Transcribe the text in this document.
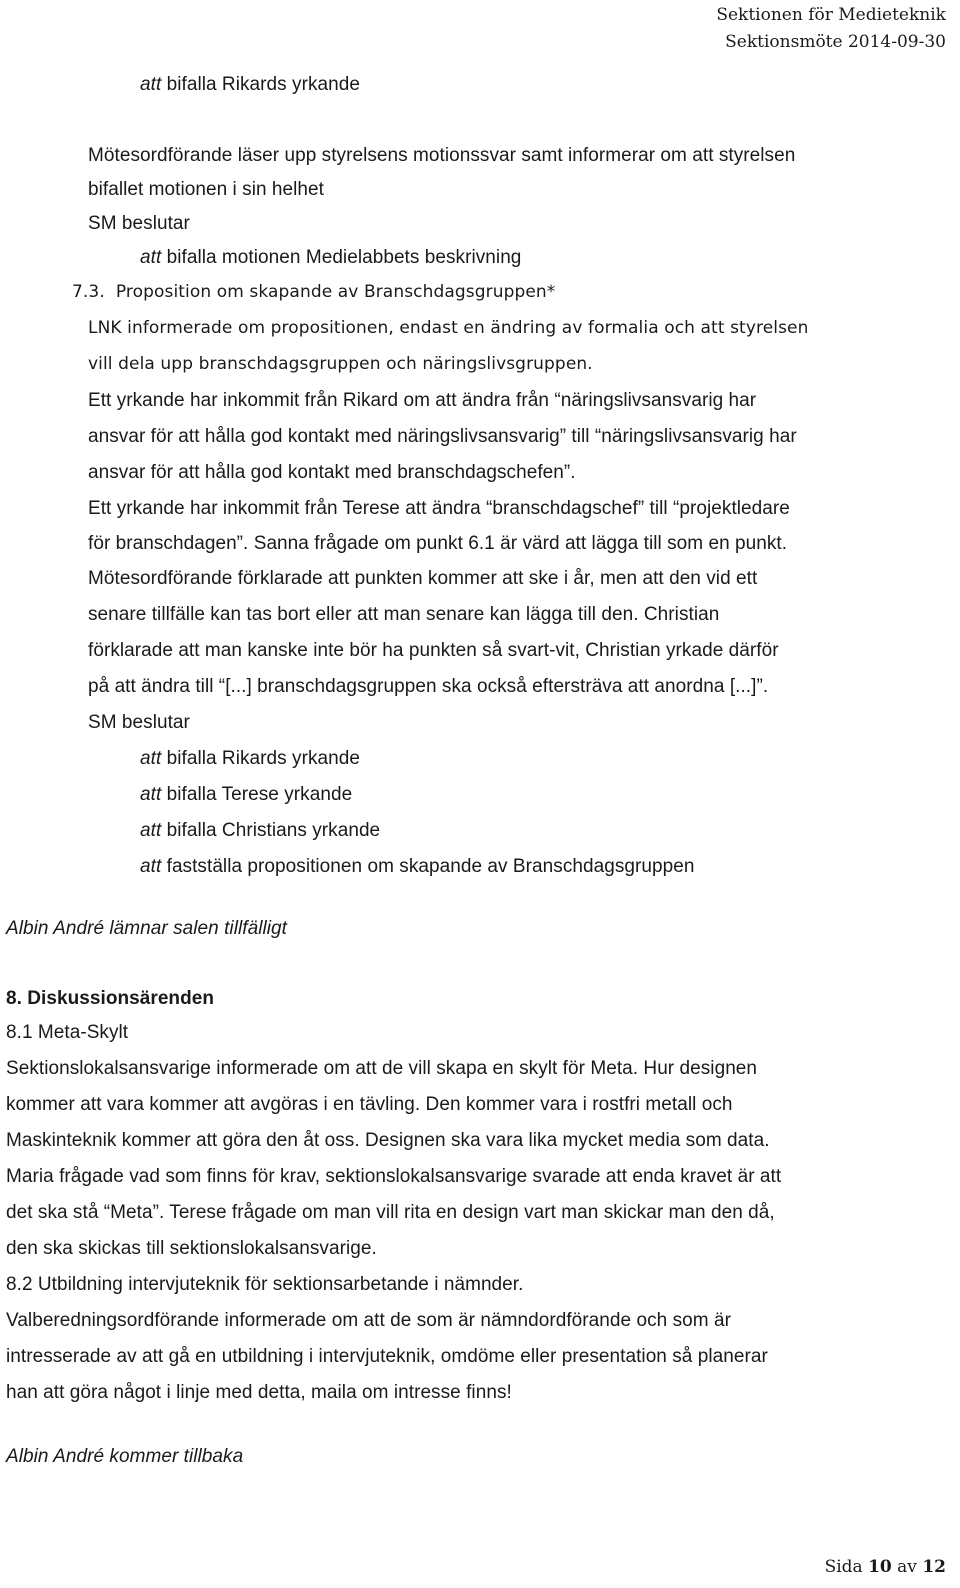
Sektionen för Medieteknik
Sektionsmöte 2014-09-30
att bifalla Rikards yrkande
Mötesordförande läser upp styrelsens motionssvar samt informerar om att styrelsen
bifallet motionen i sin helhet
SM beslutar
att bifalla motionen Medielabbets beskrivning
7.3.  Proposition om skapande av Branschdagsgruppen*
LNK informerade om propositionen, endast en ändring av formalia och att styrelsen
vill dela upp branschdagsgruppen och näringslivsgruppen.
Ett yrkande har inkommit från Rikard om att ändra från “näringslivsansvarig har
ansvar för att hålla god kontakt med näringslivsansvarig” till “näringslivsansvarig har
ansvar för att hålla god kontakt med branschdagschefen”.
Ett yrkande har inkommit från Terese att ändra “branschdagschef” till “projektledare
för branschdagen”. Sanna frågade om punkt 6.1 är värd att lägga till som en punkt.
Mötesordförande förklarade att punkten kommer att ske i år, men att den vid ett
senare tillfälle kan tas bort eller att man senare kan lägga till den. Christian
förklarade att man kanske inte bör ha punkten så svart-vit, Christian yrkade därför
på att ändra till “[...] branschdagsgruppen ska också eftersträva att anordna [...]”.
SM beslutar
att bifalla Rikards yrkande
att bifalla Terese yrkande
att bifalla Christians yrkande
att fastställa propositionen om skapande av Branschdagsgruppen
Albin André lämnar salen tillfälligt
8. Diskussionsärenden
8.1 Meta-Skylt
Sektionslokalsansvarige informerade om att de vill skapa en skylt för Meta. Hur designen
kommer att vara kommer att avgöras i en tävling. Den kommer vara i rostfri metall och
Maskinteknik kommer att göra den åt oss. Designen ska vara lika mycket media som data.
Maria frågade vad som finns för krav, sektionslokalsansvarige svarade att enda kravet är att
det ska stå “Meta”. Terese frågade om man vill rita en design vart man skickar man den då,
den ska skickas till sektionslokalsansvarige.
8.2 Utbildning intervjuteknik för sektionsarbetande i nämnder.
Valberedningsordförande informerade om att de som är nämndordförande och som är
intresserade av att gå en utbildning i intervjuteknik, omdöme eller presentation så planerar
han att göra något i linje med detta, maila om intresse finns!
Albin André kommer tillbaka
Sida 10 av 12
